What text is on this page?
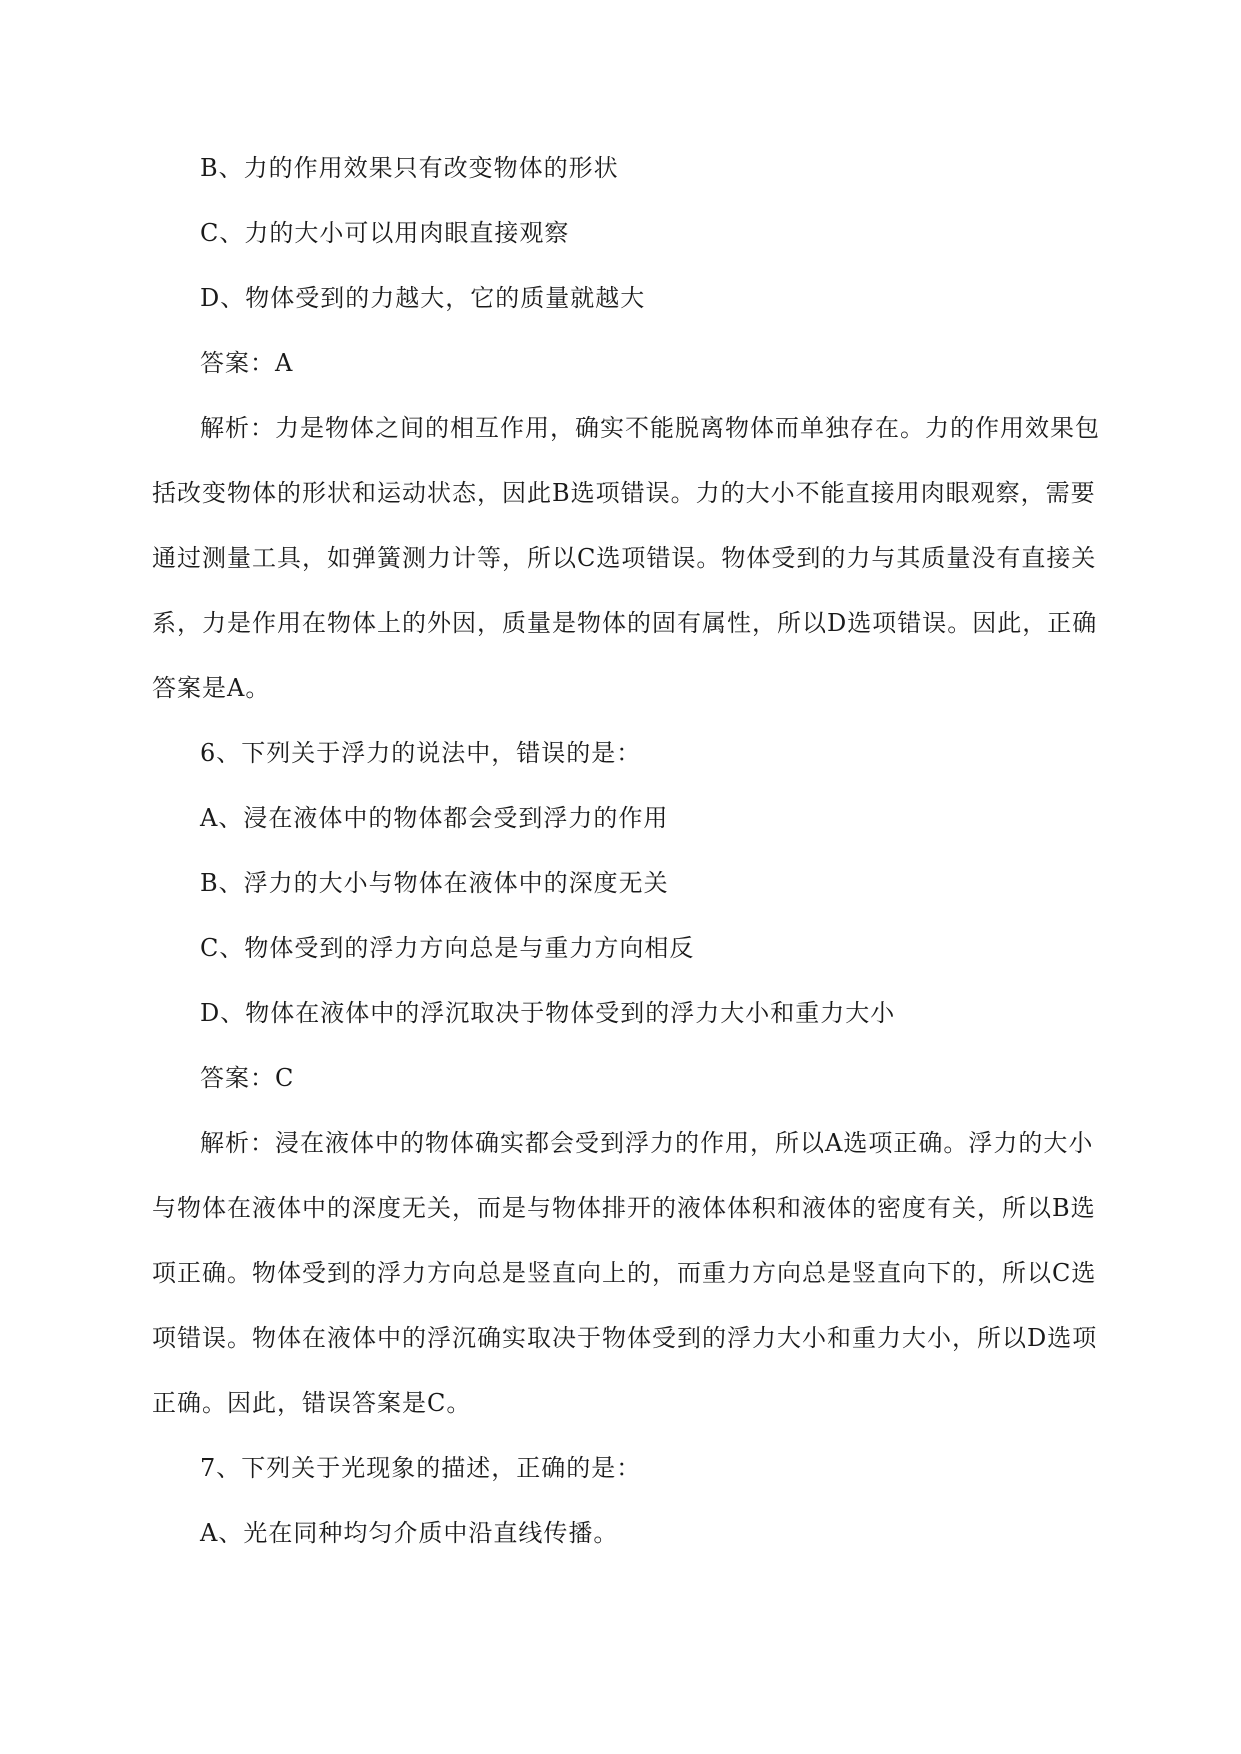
B、力的作用效果只有改变物体的形状
C、力的大小可以用肉眼直接观察
D、物体受到的力越大，它的质量就越大
答案：A
解析：力是物体之间的相互作用，确实不能脱离物体而单独存在。力的作用效果包
括改变物体的形状和运动状态，因此B选项错误。力的大小不能直接用肉眼观察，需要
通过测量工具，如弹簧测力计等，所以C选项错误。物体受到的力与其质量没有直接关
系，力是作用在物体上的外因，质量是物体的固有属性，所以D选项错误。因此，正确
答案是A。
6、下列关于浮力的说法中，错误的是：
A、浸在液体中的物体都会受到浮力的作用
B、浮力的大小与物体在液体中的深度无关
C、物体受到的浮力方向总是与重力方向相反
D、物体在液体中的浮沉取决于物体受到的浮力大小和重力大小
答案：C
解析：浸在液体中的物体确实都会受到浮力的作用，所以A选项正确。浮力的大小
与物体在液体中的深度无关，而是与物体排开的液体体积和液体的密度有关，所以B选
项正确。物体受到的浮力方向总是竖直向上的，而重力方向总是竖直向下的，所以C选
项错误。物体在液体中的浮沉确实取决于物体受到的浮力大小和重力大小，所以D选项
正确。因此，错误答案是C。
7、下列关于光现象的描述，正确的是：
A、光在同种均匀介质中沿直线传播。
